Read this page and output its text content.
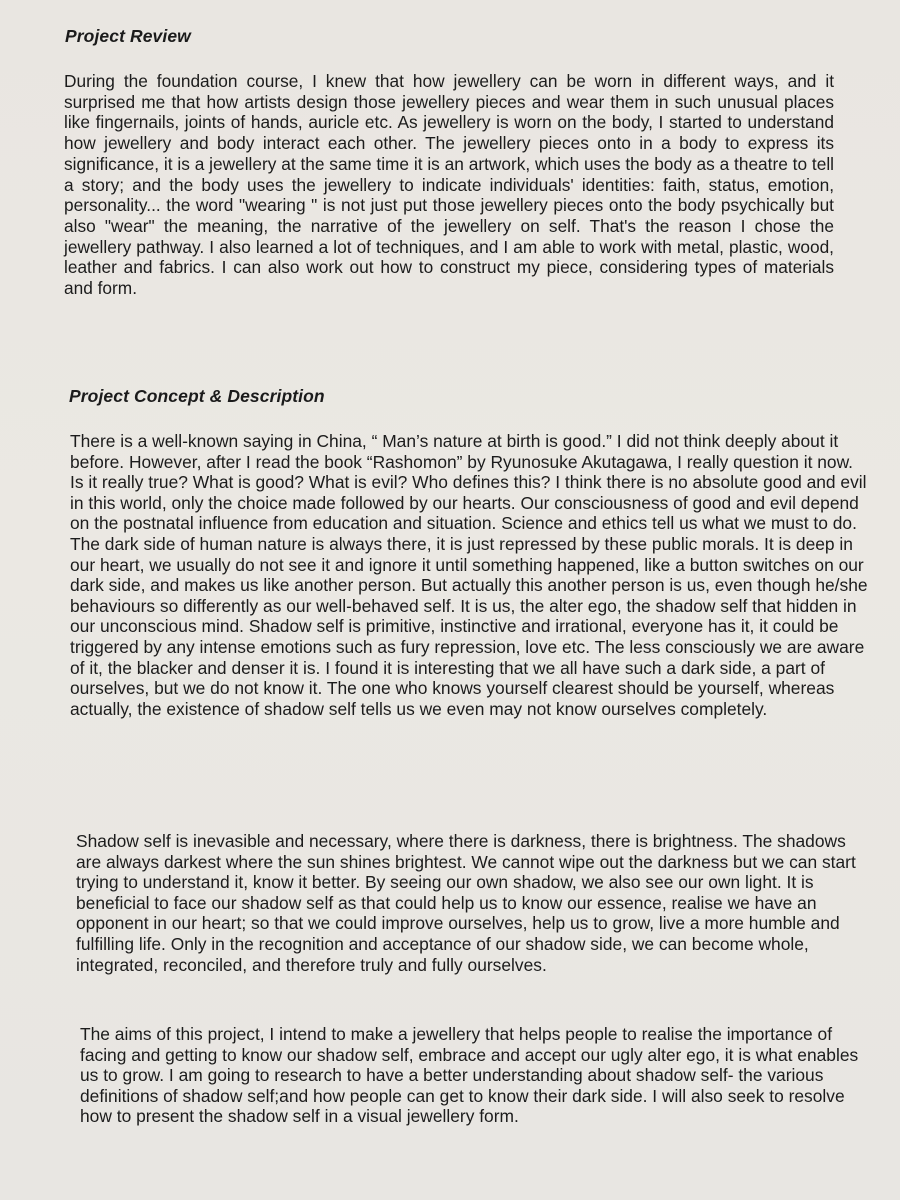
Project Review

During the foundation course, I knew that how jewellery can be worn in different ways, and it surprised me that how artists design those jewellery pieces and wear them in such unusual places like fingernails, joints of hands, auricle etc. As jewellery is worn on the body, I started to understand how jewellery and body interact each other. The jewellery pieces onto in a body to express its significance, it is a jewellery at the same time it is an artwork, which uses the body as a theatre to tell a story; and the body uses the jewellery to indicate individuals' identities: faith, status, emotion, personality... the word "wearing " is not just put those jewellery pieces onto the body psychically but also "wear" the meaning, the narrative of the jewellery on self. That's the reason I chose the jewellery pathway. I also learned a lot of techniques, and I am able to work with metal, plastic, wood, leather and fabrics. I can also work out how to construct my piece, considering types of materials and form.

Project Concept & Description

There is a well-known saying in China, “ Man’s nature at birth is good.” I did not think deeply about it before. However, after I read the book “Rashomon” by Ryunosuke Akutagawa, I really question it now. Is it really true? What is good? What is evil? Who defines this? I think there is no absolute good and evil in this world, only the choice made followed by our hearts. Our consciousness of good and evil depend on the postnatal influence from education and situation. Science and ethics tell us what we must to do. The dark side of human nature is always there, it is just repressed by these public morals. It is deep in our heart, we usually do not see it and ignore it until something happened, like a button switches on our dark side, and makes us like another person. But actually this another person is us, even though he/she behaviours so differently as our well-behaved self. It is us, the alter ego, the shadow self that hidden in our unconscious mind. Shadow self is primitive, instinctive and irrational, everyone has it, it could be triggered by any intense emotions such as fury repression, love etc. The less consciously we are aware of it, the blacker and denser it is. I found it is interesting that we all have such a dark side, a part of ourselves, but we do not know it. The one who knows yourself clearest should be yourself, whereas actually, the existence of shadow self tells us we even may not know ourselves completely.

Shadow self is inevasible and necessary, where there is darkness, there is brightness. The shadows are always darkest where the sun shines brightest. We cannot wipe out the darkness but we can start trying to understand it, know it better. By seeing our own shadow, we also see our own light. It is beneficial to face our shadow self as that could help us to know our essence, realise we have an opponent in our heart; so that we could improve ourselves, help us to grow, live a more humble and fulfilling life. Only in the recognition and acceptance of our shadow side, we can become whole, integrated, reconciled, and therefore truly and fully ourselves.

The aims of this project, I intend to make a jewellery that helps people to realise the importance of facing and getting to know our shadow self, embrace and accept our ugly alter ego, it is what enables us to grow. I am going to research to have a better understanding about shadow self- the various definitions of shadow self;and how people can get to know their dark side. I will also seek to resolve how to present the shadow self in a visual jewellery form.
